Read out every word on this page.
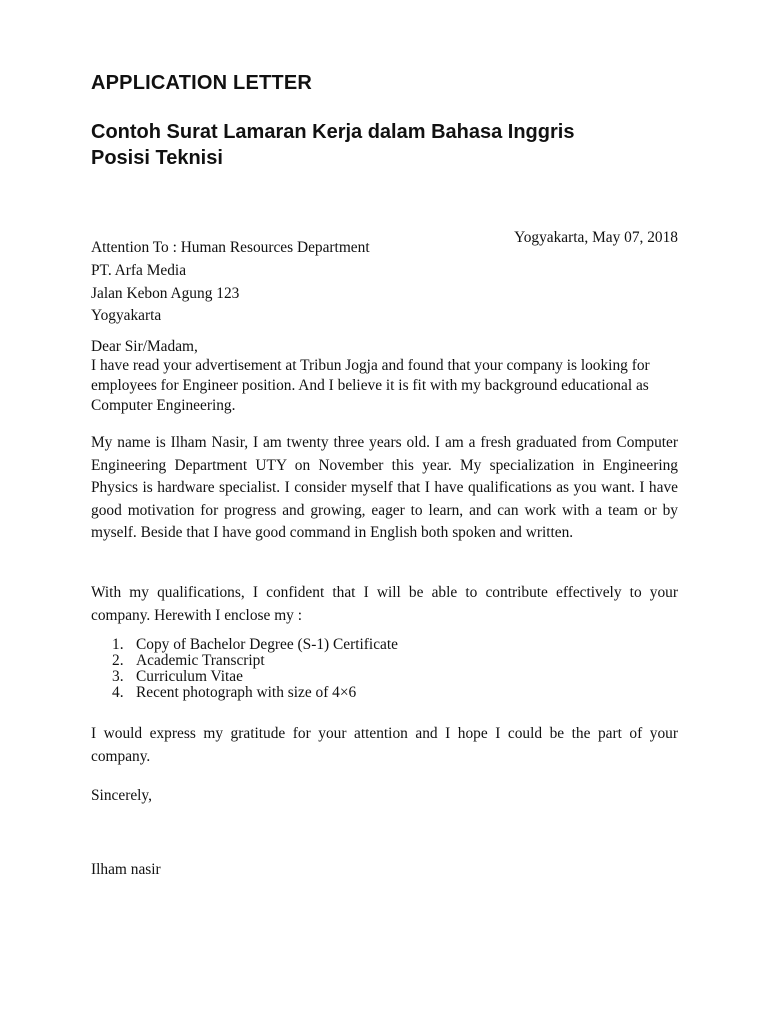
APPLICATION LETTER
Contoh Surat Lamaran Kerja dalam Bahasa Inggris
Posisi Teknisi

Yogyakarta, May 07, 2018

Attention To : Human Resources Department

PT. Arfa Media

Jalan Kebon Agung 123

Yogyakarta

Dear Sir/Madam,

I have read your advertisement at Tribun Jogja and found that your company is looking for employees for Engineer position. And I believe it is fit with my background educational as Computer Engineering.

My name is Ilham Nasir, I am twenty three years old. I am a fresh graduated from Computer Engineering Department UTY on November this year. My specialization in Engineering Physics is hardware specialist. I consider myself that I have qualifications as you want. I have good motivation for progress and growing, eager to learn, and can work with a team or by myself. Beside that I have good command in English both spoken and written.

With my qualifications, I confident that I will be able to contribute effectively to your company. Herewith I enclose my :

1. Copy of Bachelor Degree (S-1) Certificate
2. Academic Transcript
3. Curriculum Vitae
4. Recent photograph with size of 4×6

I would express my gratitude for your attention and I hope I could be the part of your company.

Sincerely,

Ilham nasir
